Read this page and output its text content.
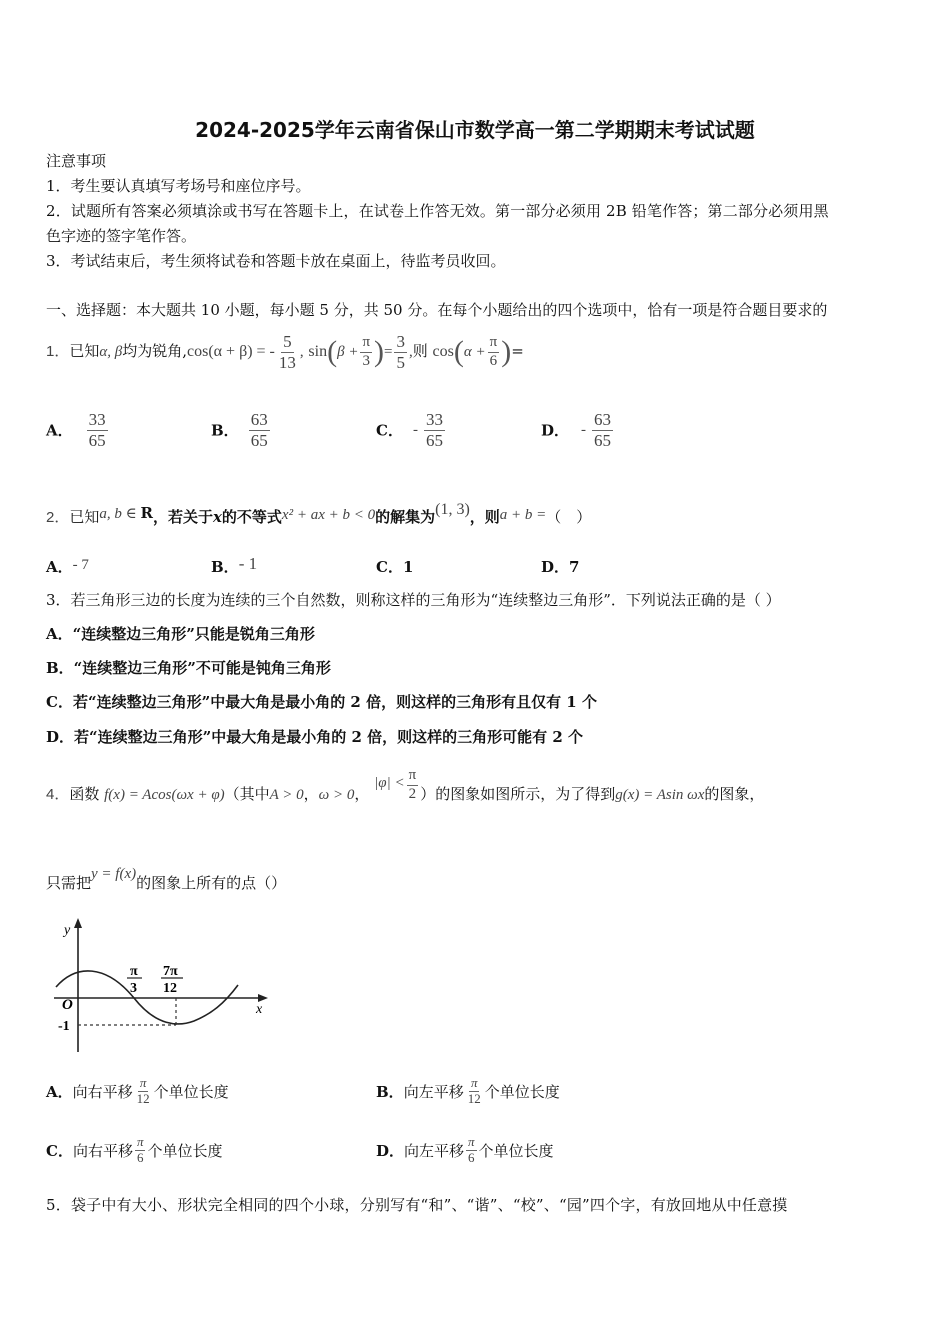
2024-2025学年云南省保山市数学高一第二学期期末考试试题
注意事项
1．考生要认真填写考场号和座位序号。
2．试题所有答案必须填涂或书写在答题卡上，在试卷上作答无效。第一部分必须用 2B 铅笔作答；第二部分必须用黑
色字迹的签字笔作答。
3．考试结束后，考生须将试卷和答题卡放在桌面上，待监考员收回。
一、选择题：本大题共 10 小题，每小题 5 分，共 50 分。在每个小题给出的四个选项中，恰有一项是符合题目要求的
1．已知α, β均为锐角,cos(α + β) = - $\frac{5}{13}$ , $\sin(\beta + \frac{\pi}{3}$ )= $\frac{3}{5}$ ,则 $\cos(\alpha + \frac{\pi}{6}$ )=
A． $\frac{33}{65}$	B． $\frac{63}{65}$	C． - $\frac{33}{65}$	D． - $\frac{63}{65}$
2．已知a, b ∈ R，若关于x的不等式x² + ax + b < 0的解集为(1, 3)，则a + b =（　）
A．- 7	B．- 1	C．1	D．7
3．若三角形三边的长度为连续的三个自然数，则称这样的三角形为“连续整边三角形”．下列说法正确的是（ ）
A．“连续整边三角形”只能是锐角三角形
B．“连续整边三角形”不可能是钝角三角形
C．若“连续整边三角形”中最大角是最小角的 2 倍，则这样的三角形有且仅有 1 个
D．若“连续整边三角形”中最大角是最小角的 2 倍，则这样的三角形可能有 2 个
4．函数 f(x) = Acos(ωx + φ)（其中A > 0，ω > 0， $|\varphi| < \frac{\pi}{2}$ ）的图象如图所示，为了得到g(x) = Asin ωx的图象，
只需把y = f(x)的图象上所有的点（）
y
x
O
-1
π
3
7π
12
A．向右平移 $\frac{\pi}{12}$ 个单位长度	B．向左平移 $\frac{\pi}{12}$ 个单位长度
C．向右平移 $\frac{\pi}{6}$ 个单位长度	D．向左平移 $\frac{\pi}{6}$ 个单位长度
5．袋子中有大小、形状完全相同的四个小球，分别写有“和”、“谐”、“校”、“园”四个字，有放回地从中任意摸
